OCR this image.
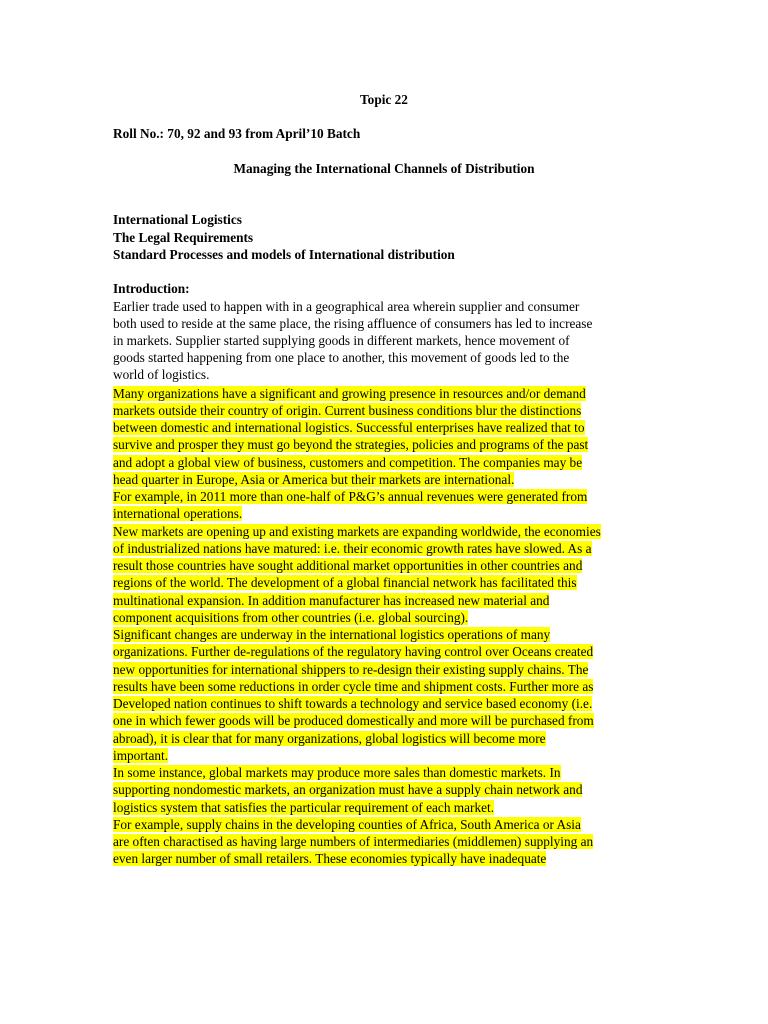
Topic 22
Roll No.: 70, 92 and 93 from April’10 Batch
Managing the International Channels of Distribution
International Logistics
The Legal Requirements
Standard Processes and models of International distribution
Introduction:
Earlier trade used to happen with in a geographical area wherein supplier and consumer
both used to reside at the same place, the rising affluence of consumers has led to increase
in markets. Supplier started supplying goods in different markets, hence movement of
goods started happening from one place to another, this movement of goods led to the
world of logistics.
Many organizations have a significant and growing presence in resources and/or demand
markets outside their country of origin. Current business conditions blur the distinctions
between domestic and international logistics. Successful enterprises have realized that to
survive and prosper they must go beyond the strategies, policies and programs of the past
and adopt a global view of business, customers and competition. The companies may be
head quarter in Europe, Asia or America but their markets are international.
For example, in 2011 more than one-half of P&G’s annual revenues were generated from
international operations.
New markets are opening up and existing markets are expanding worldwide, the economies
of industrialized nations have matured: i.e. their economic growth rates have slowed. As a
result those countries have sought additional market opportunities in other countries and
regions of the world. The development of a global financial network has facilitated this
multinational expansion. In addition manufacturer has increased new material and
component acquisitions from other countries (i.e. global sourcing).
Significant changes are underway in the international logistics operations of many
organizations. Further de-regulations of the regulatory having control over Oceans created
new opportunities for international shippers to re-design their existing supply chains. The
results have been some reductions in order cycle time and shipment costs. Further more as
Developed nation continues to shift towards a technology and service based economy (i.e.
one in which fewer goods will be produced domestically and more will be purchased from
abroad), it is clear that for many organizations, global logistics will become more
important.
In some instance, global markets may produce more sales than domestic markets. In
supporting nondomestic markets, an organization must have a supply chain network and
logistics system that satisfies the particular requirement of each market.
For example, supply chains in the developing counties of Africa, South America or Asia
are often charactised as having large numbers of intermediaries (middlemen) supplying an
even larger number of small retailers. These economies typically have inadequate
